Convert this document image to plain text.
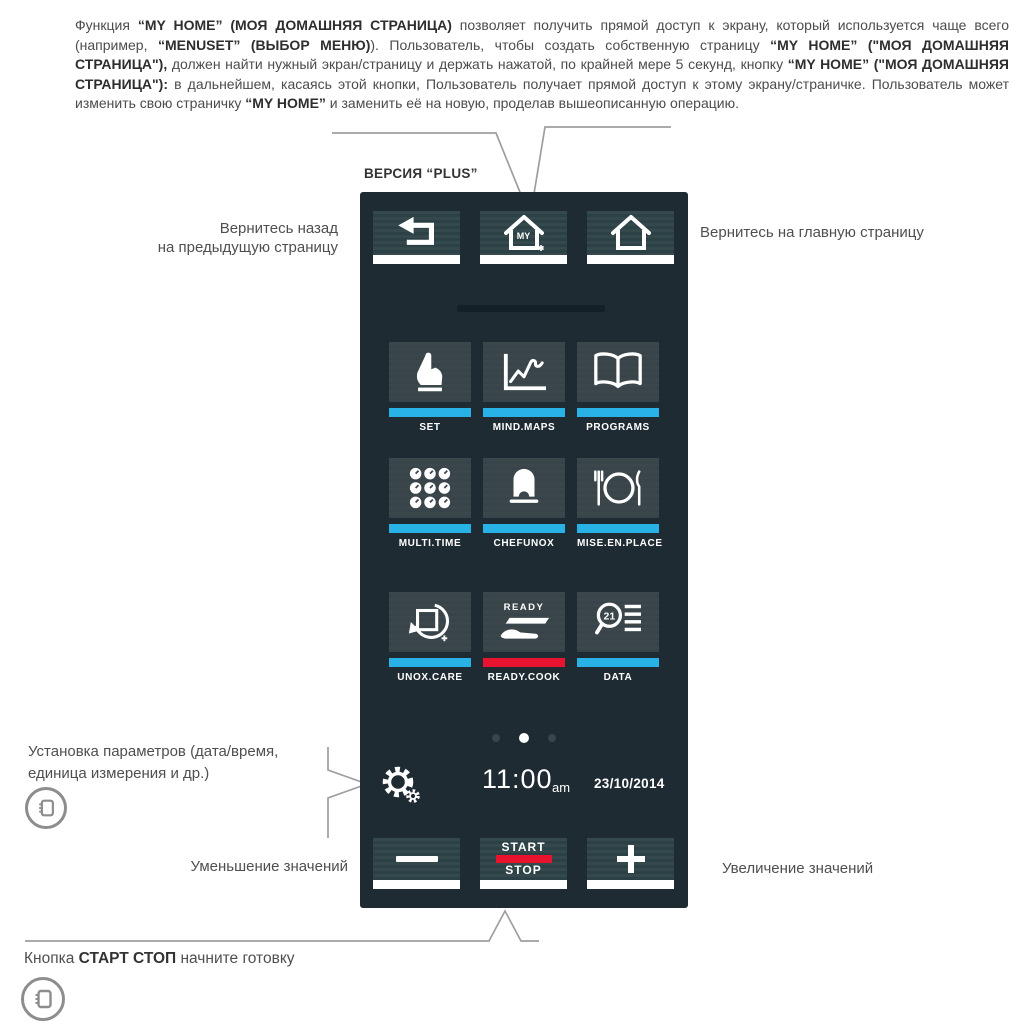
Функция “MY HOME” (МОЯ ДОМАШНЯЯ СТРАНИЦА) позволяет получить прямой доступ к экрану, который используется чаще всего (например, “MENUSET” (ВЫБОР МЕНЮ)). Пользователь, чтобы создать собственную страницу “MY HOME” ("МОЯ ДОМАШНЯЯ СТРАНИЦА"), должен найти нужный экран/страницу и держать нажатой, по крайней мере 5 секунд, кнопку “MY HOME” ("МОЯ ДОМАШНЯЯ СТРАНИЦА"): в дальнейшем, касаясь этой кнопки, Пользователь получает прямой доступ к этому экрану/страничке. Пользователь может изменить свою страничку “MY HOME” и заменить её на новую, проделав вышеописанную операцию.

ВЕРСИЯ “PLUS”
Вернитесь назад
на предыдущую страницу
Вернитесь на главную страницу
Установка параметров (дата/время,
единица измерения и др.)
Уменьшение значений	Увеличение значений
Кнопка СТАРТ СТОП начните готовку
MY
SET	MIND.MAPS	PROGRAMS
MULTI.TIME	CHEFUNOX	MISE.EN.PLACE
UNOX.CARE
READY
READY.COOK
21
DATA
11:00 am 23/10/2014
START
STOP
